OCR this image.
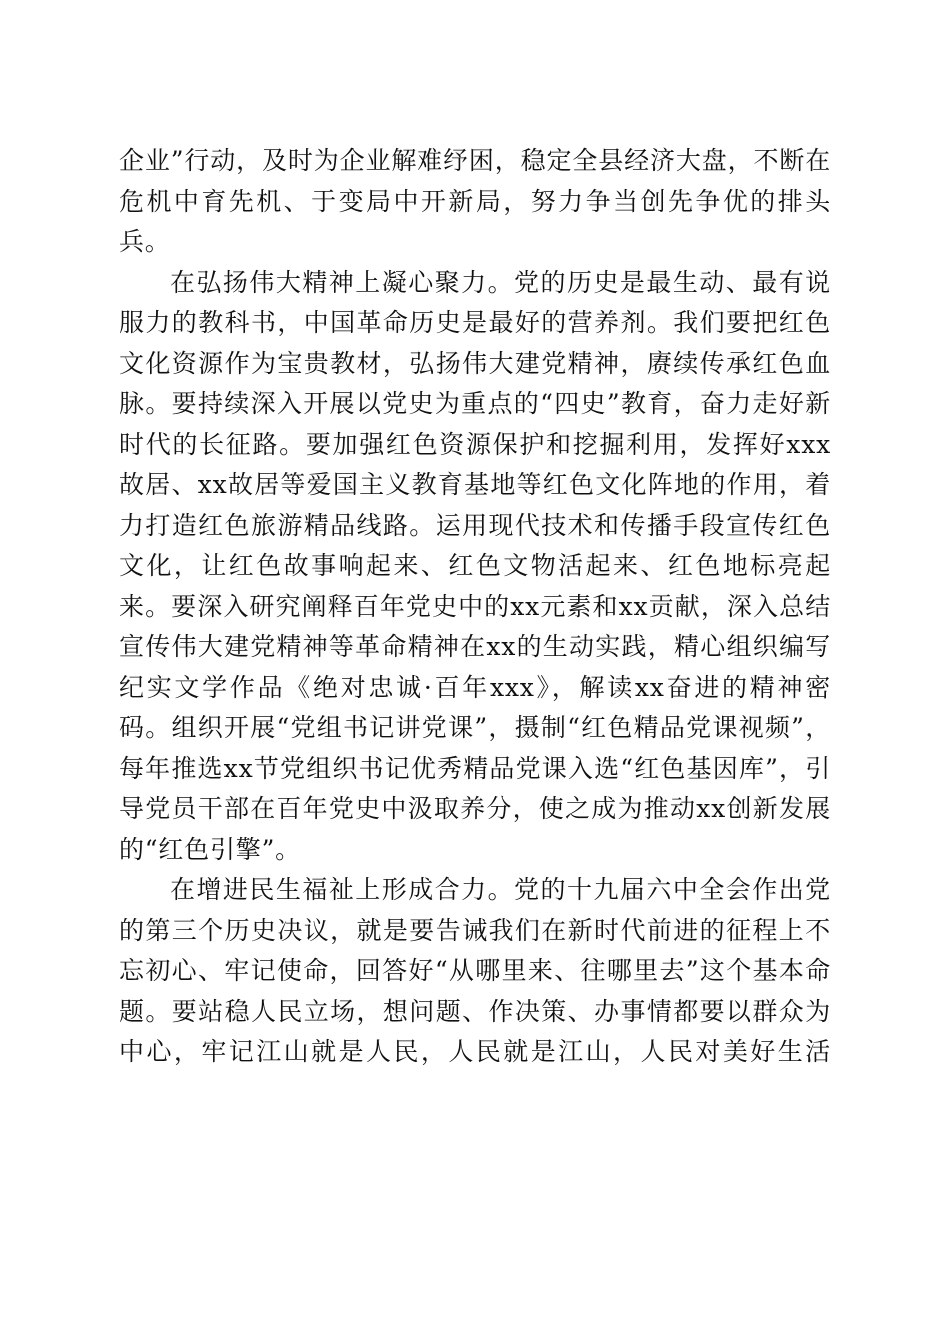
企业”行动，及时为企业解难纾困，稳定全县经济大盘，不断在危机中育先机、于变局中开新局，努力争当创先争优的排头兵。

在弘扬伟大精神上凝心聚力。党的历史是最生动、最有说服力的教科书，中国革命历史是最好的营养剂。我们要把红色文化资源作为宝贵教材，弘扬伟大建党精神，赓续传承红色血脉。要持续深入开展以党史为重点的“四史”教育，奋力走好新时代的长征路。要加强红色资源保护和挖掘利用，发挥好xxx故居、xx故居等爱国主义教育基地等红色文化阵地的作用，着力打造红色旅游精品线路。运用现代技术和传播手段宣传红色文化，让红色故事响起来、红色文物活起来、红色地标亮起来。要深入研究阐释百年党史中的xx元素和xx贡献，深入总结宣传伟大建党精神等革命精神在xx的生动实践，精心组织编写纪实文学作品《绝对忠诚·百年xxx》，解读xx奋进的精神密码。组织开展“党组书记讲党课”，摄制“红色精品党课视频”，每年推选xx节党组织书记优秀精品党课入选“红色基因库”，引导党员干部在百年党史中汲取养分，使之成为推动xx创新发展的“红色引擎”。

在增进民生福祉上形成合力。党的十九届六中全会作出党的第三个历史决议，就是要告诫我们在新时代前进的征程上不忘初心、牢记使命，回答好“从哪里来、往哪里去”这个基本命题。要站稳人民立场，想问题、作决策、办事情都要以群众为中心，牢记江山就是人民，人民就是江山，人民对美好生活
